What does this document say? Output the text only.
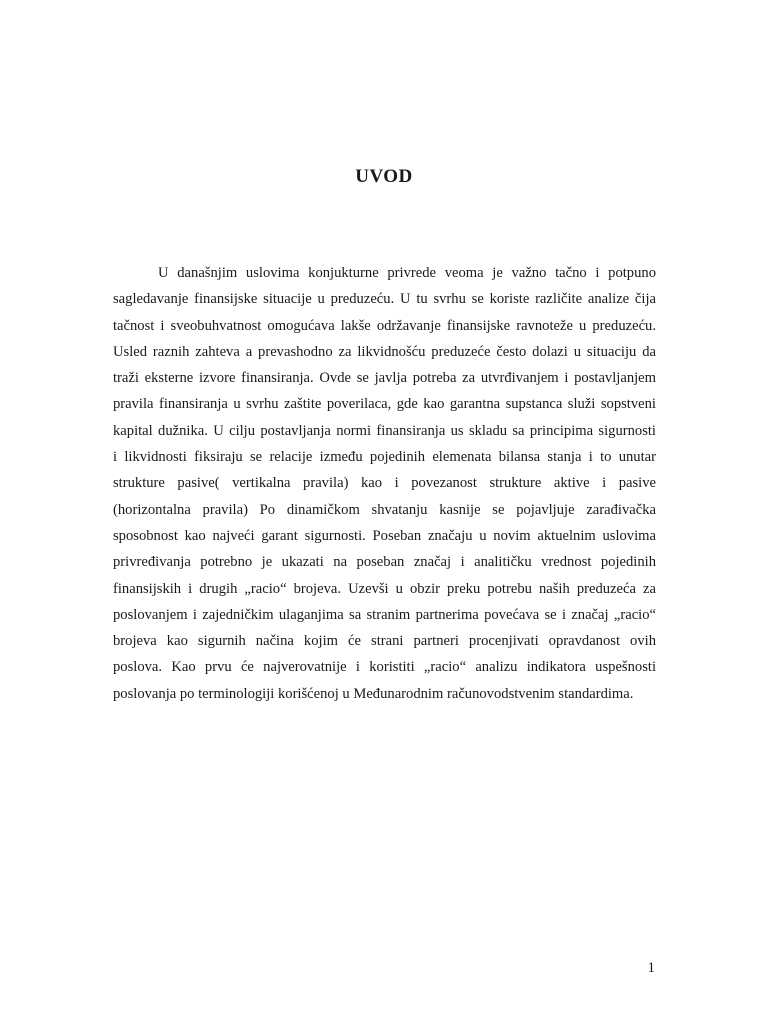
UVOD
U današnjim uslovima konjukturne privrede veoma je važno tačno i potpuno
sagledavanje finansijske situacije u preduzeću. U tu svrhu se koriste različite analize čija
tačnost i sveobuhvatnost omogućava lakše održavanje finansijske ravnoteže u preduzeću.
Usled raznih zahteva a prevashodno za likvidnošću preduzeće često dolazi u situaciju da
traži eksterne izvore finansiranja. Ovde se javlja potreba za utvrđivanjem i postavljanjem
pravila finansiranja u svrhu zaštite poverilaca, gde kao garantna supstanca služi sopstveni
kapital dužnika. U cilju postavljanja normi finansiranja us skladu sa principima sigurnosti
i likvidnosti fiksiraju se relacije između pojedinih elemenata bilansa stanja i to unutar
strukture pasive( vertikalna pravila) kao i povezanost strukture aktive i pasive
(horizontalna pravila) Po dinamičkom shvatanju kasnije se pojavljuje zarađivačka
sposobnost kao najveći garant sigurnosti. Poseban značaju u novim aktuelnim uslovima
privređivanja potrebno je ukazati na poseban značaj i analitičku vrednost pojedinih
finansijskih i drugih „racio“ brojeva. Uzevši u obzir preku potrebu naših preduzeća za
poslovanjem i zajedničkim ulaganjima sa stranim partnerima povećava se i značaj „racio“
brojeva kao sigurnih načina kojim će strani partneri procenjivati opravdanost ovih
poslova. Kao prvu će najverovatnije i koristiti „racio“ analizu indikatora uspešnosti
poslovanja po terminologiji korišćenoj u Međunarodnim računovodstvenim standardima.
1
